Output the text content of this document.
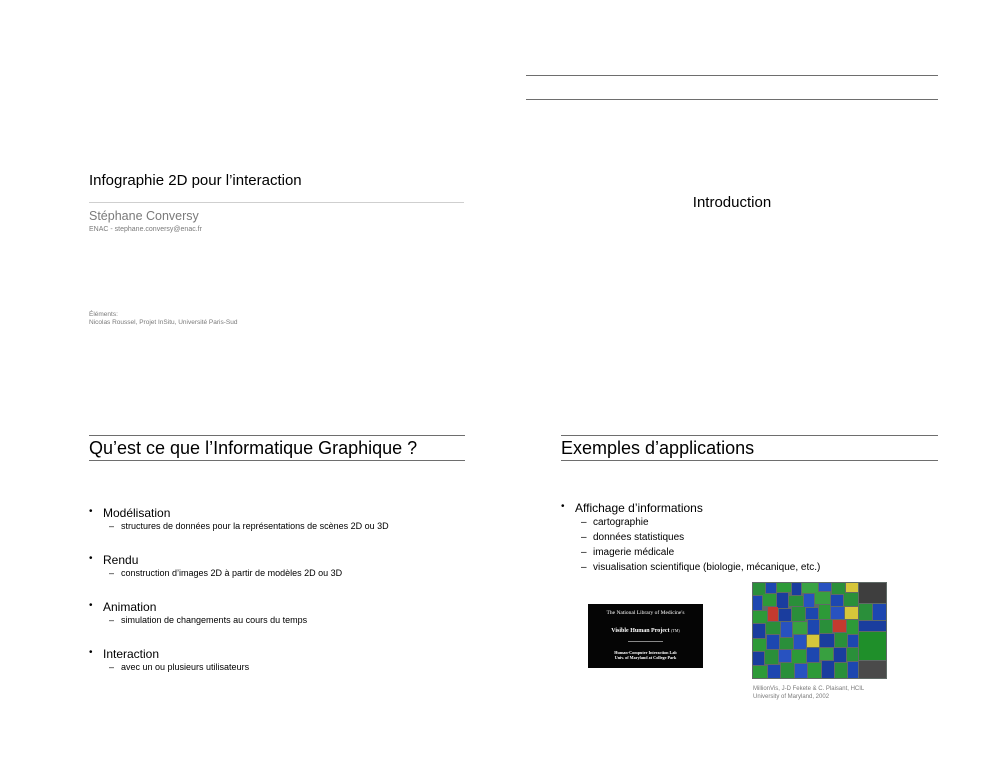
Infographie 2D pour l’interaction
Stéphane Conversy
ENAC - stephane.conversy@enac.fr
Éléments:
Nicolas Roussel, Projet InSitu, Université Paris-Sud
Introduction
Qu’est ce que l’Informatique Graphique ?
• Modélisation
– structures de données pour la représentations de scènes 2D ou 3D
• Rendu
– construction d’images 2D à partir de modèles 2D ou 3D
• Animation
– simulation de changements au cours du temps
• Interaction
– avec un ou plusieurs utilisateurs
Exemples d’applications
• Affichage d’informations
– cartographie
– données statistiques
– imagerie médicale
– visualisation scientifique (biologie, mécanique, etc.)
The National Library of Medicine's
Visible Human Project (TM)
Human-Computer Interaction Lab
Univ. of Maryland at College Park
MillionVis, J-D Fekete & C. Plaisant, HCIL
University of Maryland, 2002
